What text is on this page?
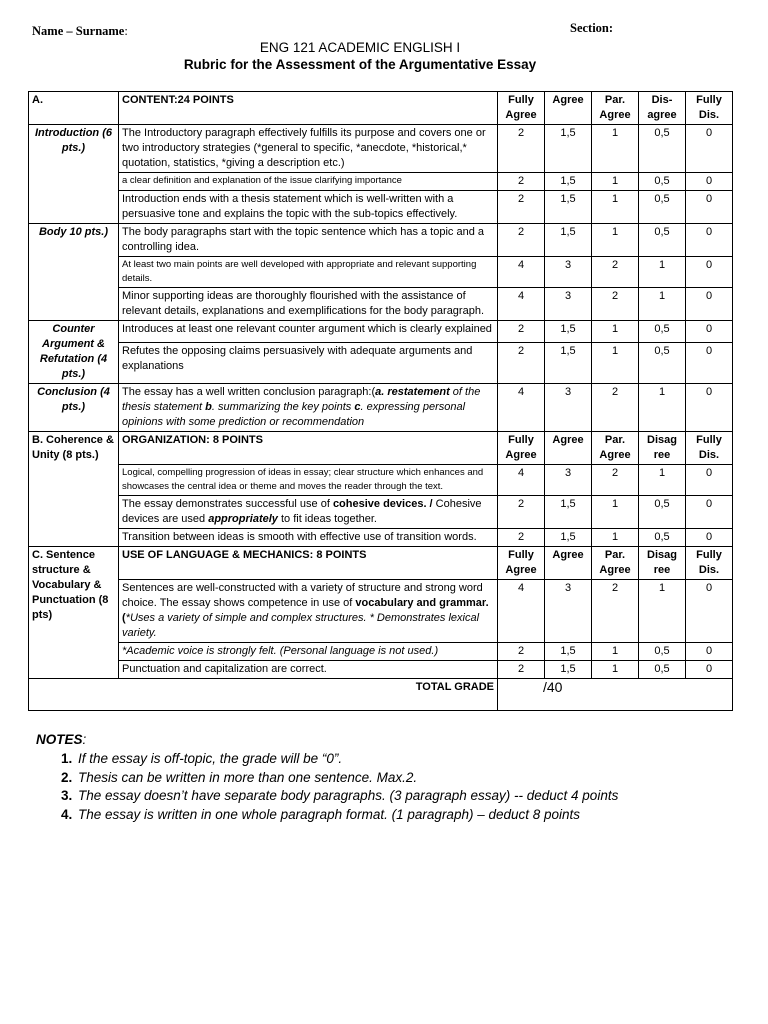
Name – Surname:	Section:
ENG 121 ACADEMIC ENGLISH I
Rubric for the Assessment of the Argumentative Essay
A.	CONTENT:24 POINTS	Fully Agree	Agree	Par. Agree	Dis- agree	Fully Dis.
Introduction (6 pts.)	The Introductory paragraph effectively fulfills its purpose and covers one or two introductory strategies (*general to specific, *anecdote, *historical,* quotation, statistics, *giving a description etc.)	2	1,5	1	0,5	0
	a clear definition and explanation of the issue clarifying importance	2	1,5	1	0,5	0
	Introduction ends with a thesis statement which is well-written with a persuasive tone and explains the topic with the sub-topics effectively.	2	1,5	1	0,5	0
Body 10 pts.)	The body paragraphs start with the topic sentence which has a topic and a controlling idea.	2	1,5	1	0,5	0
	At least two main points are well developed with appropriate and relevant supporting details.	4	3	2	1	0
	Minor supporting ideas are thoroughly flourished with the assistance of relevant details, explanations and exemplifications for the body paragraph.	4	3	2	1	0
Counter Argument & Refutation (4 pts.)	Introduces at least one relevant counter argument which is clearly explained	2	1,5	1	0,5	0
	Refutes the opposing claims persuasively with adequate arguments and explanations	2	1,5	1	0,5	0
Conclusion (4 pts.)	The essay has a well written conclusion paragraph:(a. restatement of the thesis statement b. summarizing the key points c. expressing personal opinions with some prediction or recommendation	4	3	2	1	0
B. Coherence & Unity (8 pts.)	ORGANIZATION: 8 POINTS	Fully Agree	Agree	Par. Agree	Disag ree	Fully Dis.
	Logical, compelling progression of ideas in essay; clear structure which enhances and showcases the central idea or theme and moves the reader through the text.	4	3	2	1	0
	The essay demonstrates successful use of cohesive devices. / Cohesive devices are used appropriately to fit ideas together.	2	1,5	1	0,5	0
	Transition between ideas is smooth with effective use of transition words.	2	1,5	1	0,5	0
C. Sentence structure & Vocabulary & Punctuation (8 pts)	USE OF LANGUAGE & MECHANICS: 8 POINTS	Fully Agree	Agree	Par. Agree	Disag ree	Fully Dis.
	Sentences are well-constructed with a variety of structure and strong word choice. The essay shows competence in use of vocabulary and grammar. (*Uses a variety of simple and complex structures. * Demonstrates lexical variety.	4	3	2	1	0
	*Academic voice is strongly felt. (Personal language is not used.)	2	1,5	1	0,5	0
	Punctuation and capitalization are correct.	2	1,5	1	0,5	0
TOTAL GRADE		/40				
NOTES:
1. If the essay is off-topic, the grade will be “0”.
2. Thesis can be written in more than one sentence. Max.2.
3. The essay doesn’t have separate body paragraphs. (3 paragraph essay) -- deduct 4 points
4. The essay is written in one whole paragraph format. (1 paragraph) – deduct 8 points
